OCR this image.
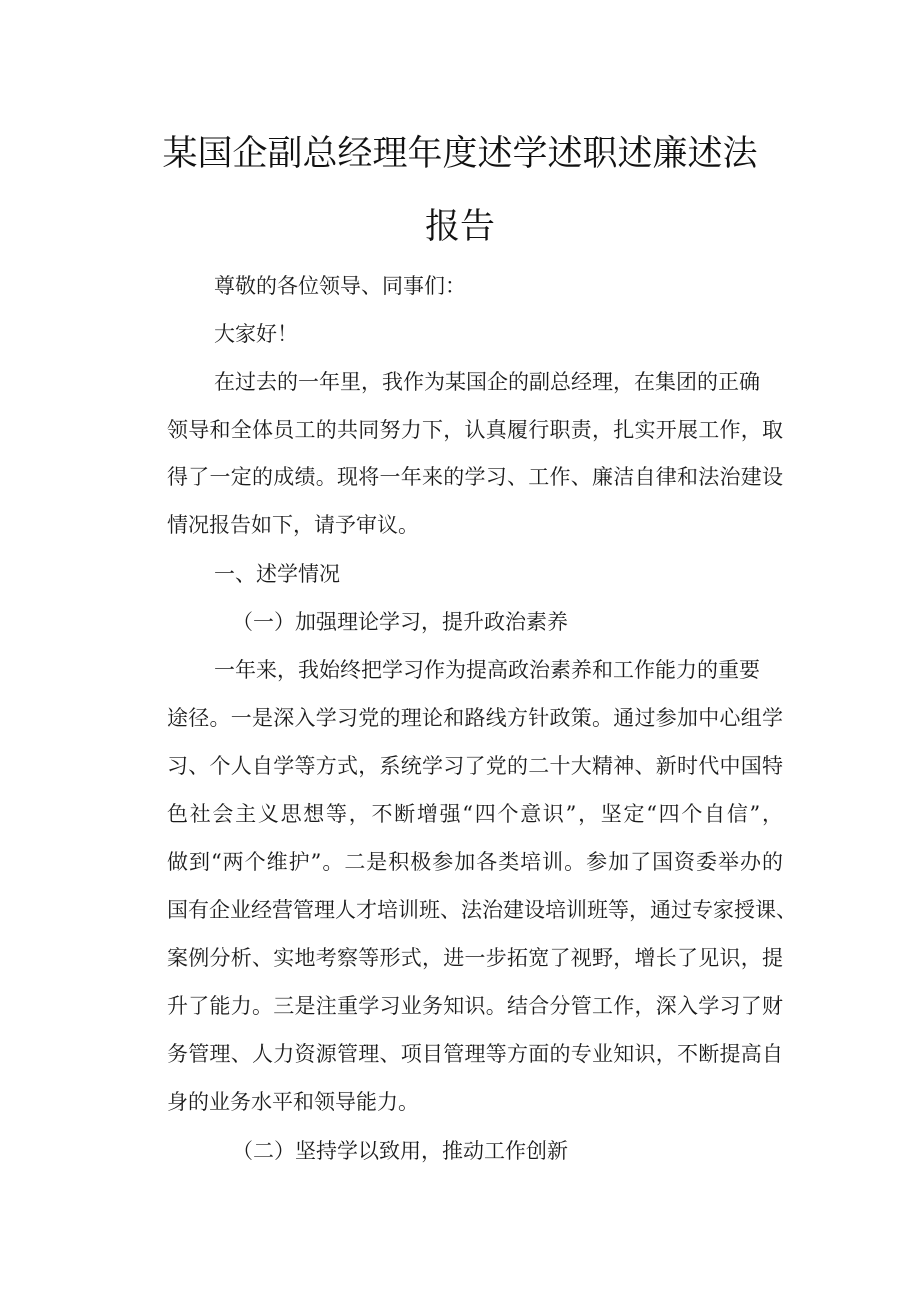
某国企副总经理年度述学述职述廉述法
报告
尊敬的各位领导、同事们：
大家好！
在过去的一年里，我作为某国企的副总经理，在集团的正确
领导和全体员工的共同努力下，认真履行职责，扎实开展工作，取
得了一定的成绩。现将一年来的学习、工作、廉洁自律和法治建设
情况报告如下，请予审议。
一、述学情况
（一）加强理论学习，提升政治素养
一年来，我始终把学习作为提高政治素养和工作能力的重要
途径。一是深入学习党的理论和路线方针政策。通过参加中心组学
习、个人自学等方式，系统学习了党的二十大精神、新时代中国特
色社会主义思想等，不断增强“四个意识”，坚定“四个自信”，
做到“两个维护”。二是积极参加各类培训。参加了国资委举办的
国有企业经营管理人才培训班、法治建设培训班等，通过专家授课、
案例分析、实地考察等形式，进一步拓宽了视野，增长了见识，提
升了能力。三是注重学习业务知识。结合分管工作，深入学习了财
务管理、人力资源管理、项目管理等方面的专业知识，不断提高自
身的业务水平和领导能力。
（二）坚持学以致用，推动工作创新
